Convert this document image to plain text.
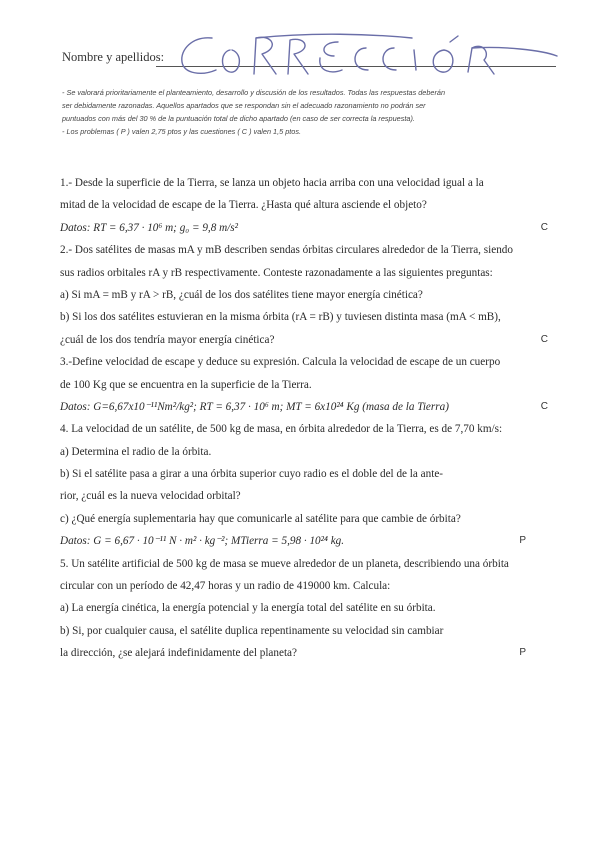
Nombre y apellidos:

- Se valorará prioritariamente el planteamiento, desarrollo y discusión de los resultados. Todas las respuestas deberán

ser debidamente razonadas. Aquellos apartados que se respondan sin el adecuado razonamiento no podrán ser

puntuados con más del 30 % de la puntuación total de dicho apartado (en caso de ser correcta la respuesta).

- Los problemas ( P ) valen 2,75 ptos y las cuestiones ( C ) valen 1,5 ptos.

1.- Desde la superficie de la Tierra, se lanza un objeto hacia arriba con una velocidad igual a la
mitad de la velocidad de escape de la Tierra. ¿Hasta qué altura asciende el objeto?
Datos: RT = 6,37 · 10⁶ m; g₀ = 9,8 m/s²	C
2.- Dos satélites de masas mA y mB describen sendas órbitas circulares alrededor de la Tierra, siendo
sus radios orbitales rA y rB respectivamente. Conteste razonadamente a las siguientes preguntas:
a) Si mA = mB y rA > rB, ¿cuál de los dos satélites tiene mayor energía cinética?
b) Si los dos satélites estuvieran en la misma órbita (rA = rB) y tuviesen distinta masa (mA < mB),
¿cuál de los dos tendría mayor energía cinética?	C
3.-Define velocidad de escape y deduce su expresión. Calcula la velocidad de escape de un cuerpo
de 100 Kg que se encuentra en la superficie de la Tierra.
Datos: G=6,67x10⁻¹¹Nm²/kg²; RT = 6,37 · 10⁶ m; MT = 6x10²⁴ Kg (masa de la Tierra)	C
4. La velocidad de un satélite, de 500 kg de masa, en órbita alrededor de la Tierra, es de 7,70 km/s:
a) Determina el radio de la órbita.
b) Si el satélite pasa a girar a una órbita superior cuyo radio es el doble del de la ante-
rior, ¿cuál es la nueva velocidad orbital?
c) ¿Qué energía suplementaria hay que comunicarle al satélite para que cambie de órbita?
Datos: G = 6,67 · 10⁻¹¹ N · m² · kg⁻²; MTierra = 5,98 · 10²⁴ kg.	P
5. Un satélite artificial de 500 kg de masa se mueve alrededor de un planeta, describiendo una órbita
circular con un período de 42,47 horas y un radio de 419000 km. Calcula:
a) La energía cinética, la energía potencial y la energía total del satélite en su órbita.
b) Si, por cualquier causa, el satélite duplica repentinamente su velocidad sin cambiar
la dirección, ¿se alejará indefinidamente del planeta?	P
